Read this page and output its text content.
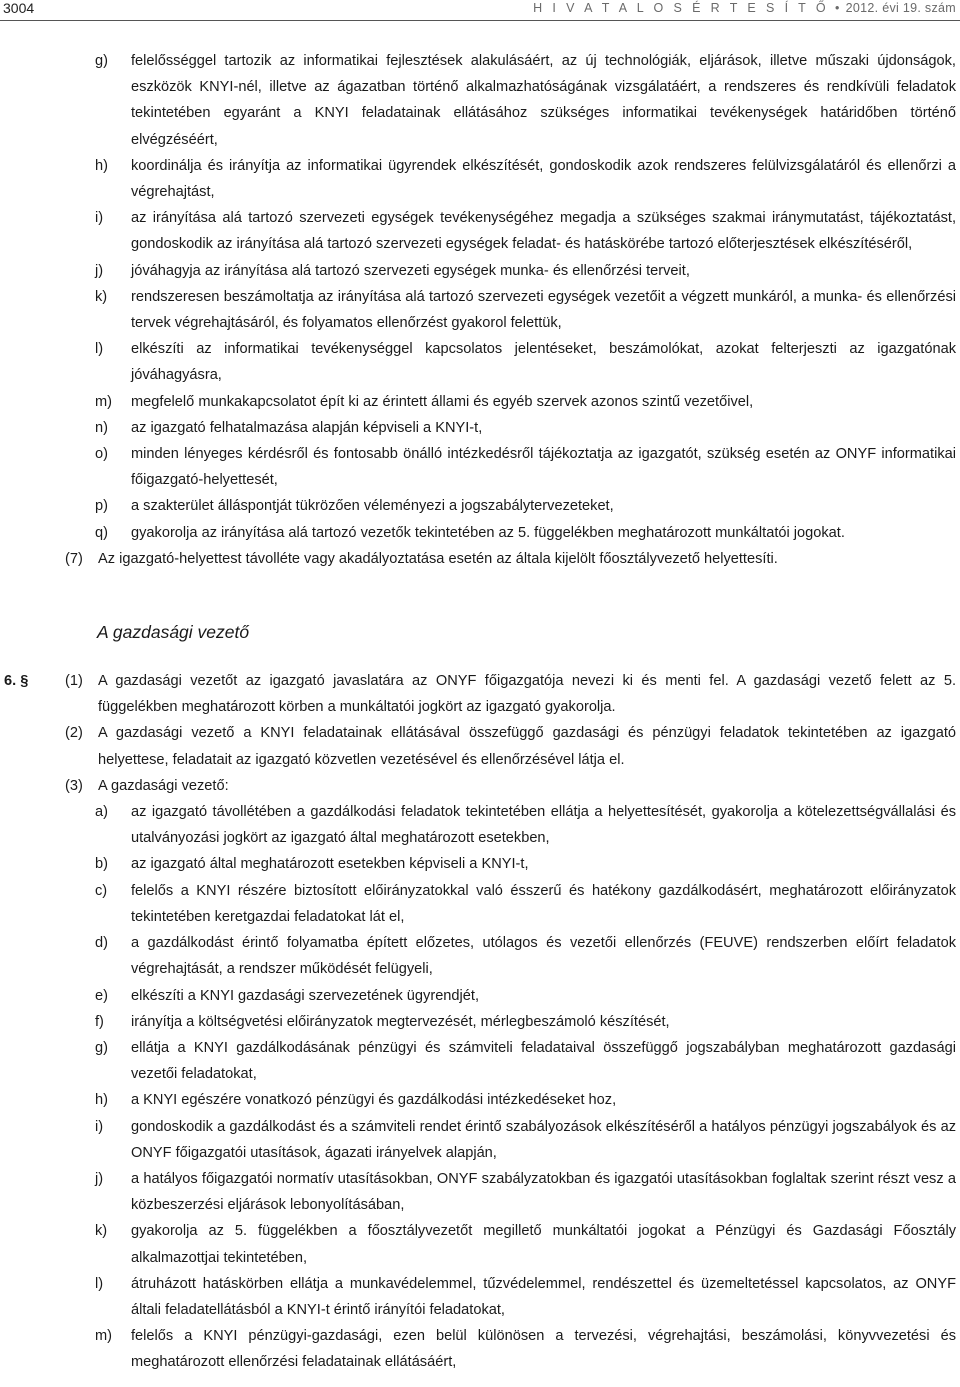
3004	H I V A T A L O S É R T E S Í T Ő • 2012. évi 19. szám
g) felelősséggel tartozik az informatikai fejlesztések alakulásáért, az új technológiák, eljárások, illetve műszaki újdonságok, eszközök KNYI-nél, illetve az ágazatban történő alkalmazhatóságának vizsgálatáért, a rendszeres és rendkívüli feladatok tekintetében egyaránt a KNYI feladatainak ellátásához szükséges informatikai tevékenységek határidőben történő elvégzéséért,
h) koordinálja és irányítja az informatikai ügyrendek elkészítését, gondoskodik azok rendszeres felülvizsgálatáról és ellenőrzi a végrehajtást,
i) az irányítása alá tartozó szervezeti egységek tevékenységéhez megadja a szükséges szakmai iránymutatást, tájékoztatást, gondoskodik az irányítása alá tartozó szervezeti egységek feladat- és hatáskörébe tartozó előterjesztések elkészítéséről,
j) jóváhagyja az irányítása alá tartozó szervezeti egységek munka- és ellenőrzési terveit,
k) rendszeresen beszámoltatja az irányítása alá tartozó szervezeti egységek vezetőit a végzett munkáról, a munka- és ellenőrzési tervek végrehajtásáról, és folyamatos ellenőrzést gyakorol felettük,
l) elkészíti az informatikai tevékenységgel kapcsolatos jelentéseket, beszámolókat, azokat felterjeszti az igazgatónak jóváhagyásra,
m) megfelelő munkakapcsolatot épít ki az érintett állami és egyéb szervek azonos szintű vezetőivel,
n) az igazgató felhatalmazása alapján képviseli a KNYI-t,
o) minden lényeges kérdésről és fontosabb önálló intézkedésről tájékoztatja az igazgatót, szükség esetén az ONYF informatikai főigazgató-helyettesét,
p) a szakterület álláspontját tükrözően véleményezi a jogszabálytervezeteket,
q) gyakorolja az irányítása alá tartozó vezetők tekintetében az 5. függelékben meghatározott munkáltatói jogokat.
(7) Az igazgató-helyettest távolléte vagy akadályoztatása esetén az általa kijelölt főosztályvezető helyettesíti.
A gazdasági vezető
6. §	(1) A gazdasági vezetőt az igazgató javaslatára az ONYF főigazgatója nevezi ki és menti fel. A gazdasági vezető felett az 5. függelékben meghatározott körben a munkáltatói jogkört az igazgató gyakorolja.
(2) A gazdasági vezető a KNYI feladatainak ellátásával összefüggő gazdasági és pénzügyi feladatok tekintetében az igazgató helyettese, feladatait az igazgató közvetlen vezetésével és ellenőrzésével látja el.
(3) A gazdasági vezető:
a) az igazgató távollétében a gazdálkodási feladatok tekintetében ellátja a helyettesítését, gyakorolja a kötelezettségvállalási és utalványozási jogkört az igazgató által meghatározott esetekben,
b) az igazgató által meghatározott esetekben képviseli a KNYI-t,
c) felelős a KNYI részére biztosított előirányzatokkal való ésszerű és hatékony gazdálkodásért, meghatározott előirányzatok tekintetében keretgazdai feladatokat lát el,
d) a gazdálkodást érintő folyamatba épített előzetes, utólagos és vezetői ellenőrzés (FEUVE) rendszerben előírt feladatok végrehajtását, a rendszer működését felügyeli,
e) elkészíti a KNYI gazdasági szervezetének ügyrendjét,
f) irányítja a költségvetési előirányzatok megtervezését, mérlegbeszámoló készítését,
g) ellátja a KNYI gazdálkodásának pénzügyi és számviteli feladataival összefüggő jogszabályban meghatározott gazdasági vezetői feladatokat,
h) a KNYI egészére vonatkozó pénzügyi és gazdálkodási intézkedéseket hoz,
i) gondoskodik a gazdálkodást és a számviteli rendet érintő szabályozások elkészítéséről a hatályos pénzügyi jogszabályok és az ONYF főigazgatói utasítások, ágazati irányelvek alapján,
j) a hatályos főigazgatói normatív utasításokban, ONYF szabályzatokban és igazgatói utasításokban foglaltak szerint részt vesz a közbeszerzési eljárások lebonyolításában,
k) gyakorolja az 5. függelékben a főosztályvezetőt megillető munkáltatói jogokat a Pénzügyi és Gazdasági Főosztály alkalmazottjai tekintetében,
l) átruházott hatáskörben ellátja a munkavédelemmel, tűzvédelemmel, rendészettel és üzemeltetéssel kapcsolatos, az ONYF általi feladatellátásból a KNYI-t érintő irányítói feladatokat,
m) felelős a KNYI pénzügyi-gazdasági, ezen belül különösen a tervezési, végrehajtási, beszámolási, könyvvezetési és meghatározott ellenőrzési feladatainak ellátásáért,
